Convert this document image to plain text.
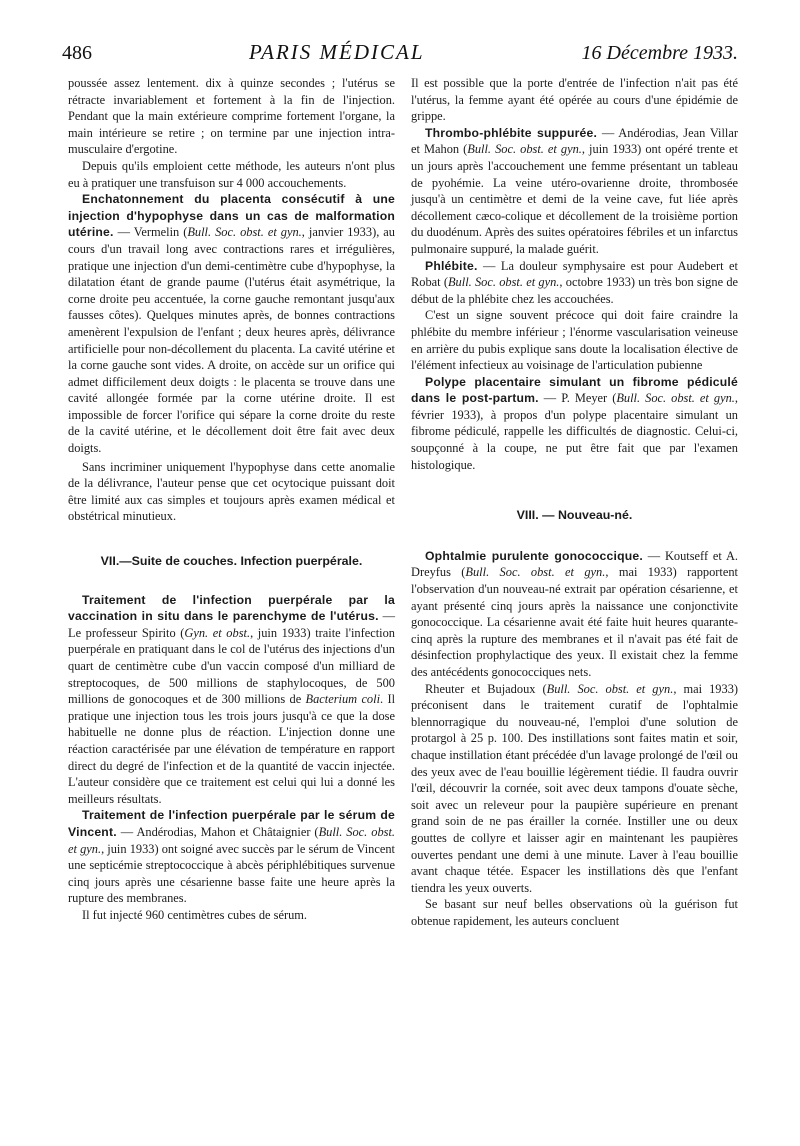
486	PARIS MÉDICAL	16 Décembre 1933.

poussée assez lentement. dix à quinze secondes ; l'utérus se rétracte invariablement et fortement à la fin de l'injection. Pendant que la main extérieure comprime fortement l'organe, la main intérieure se retire ; on termine par une injection intra-musculaire d'ergotine.

Depuis qu'ils emploient cette méthode, les auteurs n'ont plus eu à pratiquer une transfuison sur 4 000 accouchements.

Enchatonnement du placenta consécutif à une injection d'hypophyse dans un cas de malformation utérine. — Vermelin (Bull. Soc. obst. et gyn., janvier 1933), au cours d'un travail long avec contractions rares et irrégulières, pratique une injection d'un demi-centimètre cube d'hypophyse, la dilatation étant de grande paume (l'utérus était asymétrique, la corne droite peu accentuée, la corne gauche remontant jusqu'aux fausses côtes). Quelques minutes après, de bonnes contractions amenèrent l'expulsion de l'enfant ; deux heures après, délivrance artificielle pour non-décollement du placenta. La cavité utérine et la corne gauche sont vides. A droite, on accède sur un orifice qui admet difficilement deux doigts : le placenta se trouve dans une cavité allongée formée par la corne utérine droite. Il est impossible de forcer l'orifice qui sépare la corne droite du reste de la cavité utérine, et le décollement doit être fait avec deux doigts.

Sans incriminer uniquement l'hypophyse dans cette anomalie de la délivrance, l'auteur pense que cet ocytocique puissant doit être limité aux cas simples et toujours après examen médical et obstétrical minutieux.

VII.—Suite de couches. Infection puerpérale.

Traitement de l'infection puerpérale par la vaccination in situ dans le parenchyme de l'utérus. — Le professeur Spirito (Gyn. et obst., juin 1933) traite l'infection puerpérale en pratiquant dans le col de l'utérus des injections d'un quart de centimètre cube d'un vaccin composé d'un milliard de streptocoques, de 500 millions de staphylocoques, de 500 millions de gonocoques et de 300 millions de Bacterium coli. Il pratique une injection tous les trois jours jusqu'à ce que la dose habituelle ne donne plus de réaction. L'injection donne une réaction caractérisée par une élévation de température en rapport direct du degré de l'infection et de la quantité de vaccin injectée. L'auteur considère que ce traitement est celui qui lui a donné les meilleurs résultats.

Traitement de l'infection puerpérale par le sérum de Vincent. — Andérodias, Mahon et Châtaignier (Bull. Soc. obst. et gyn., juin 1933) ont soigné avec succès par le sérum de Vincent une septicémie streptococcique à abcès périphlébitiques survenue cinq jours après une césarienne basse faite une heure après la rupture des membranes.

Il fut injecté 960 centimètres cubes de sérum.

Il est possible que la porte d'entrée de l'infection n'ait pas été l'utérus, la femme ayant été opérée au cours d'une épidémie de grippe.

Thrombo-phlébite suppurée. — Andérodias, Jean Villar et Mahon (Bull. Soc. obst. et gyn., juin 1933) ont opéré trente et un jours après l'accouchement une femme présentant un tableau de pyohémie. La veine utéro-ovarienne droite, thrombosée jusqu'à un centimètre et demi de la veine cave, fut liée après décollement cæco-colique et décollement de la troisième portion du duodénum. Après des suites opératoires fébriles et un infarctus pulmonaire suppuré, la malade guérit.

Phlébite. — La douleur symphysaire est pour Audebert et Robat (Bull. Soc. obst. et gyn., octobre 1933) un très bon signe de début de la phlébite chez les accouchées.

C'est un signe souvent précoce qui doit faire craindre la phlébite du membre inférieur ; l'énorme vascularisation veineuse en arrière du pubis explique sans doute la localisation élective de l'élément infectieux au voisinage de l'articulation pubienne

Polype placentaire simulant un fibrome pédiculé dans le post-partum. — P. Meyer (Bull. Soc. obst. et gyn., février 1933), à propos d'un polype placentaire simulant un fibrome pédiculé, rappelle les difficultés de diagnostic. Celui-ci, soupçonné à la coupe, ne put être fait que par l'examen histologique.

VIII. — Nouveau-né.

Ophtalmie purulente gonococcique. — Koutseff et A. Dreyfus (Bull. Soc. obst. et gyn., mai 1933) rapportent l'observation d'un nouveau-né extrait par opération césarienne, et ayant présenté cinq jours après la naissance une conjonctivite gonococcique. La césarienne avait été faite huit heures quarante-cinq après la rupture des membranes et il n'avait pas été fait de désinfection prophylactique des yeux. Il existait chez la femme des antécédents gonococciques nets.

Rheuter et Bujadoux (Bull. Soc. obst. et gyn., mai 1933) préconisent dans le traitement curatif de l'ophtalmie blennorragique du nouveau-né, l'emploi d'une solution de protargol à 25 p. 100. Des instillations sont faites matin et soir, chaque instillation étant précédée d'un lavage prolongé de l'œil ou des yeux avec de l'eau bouillie légèrement tiédie. Il faudra ouvrir l'œil, découvrir la cornée, soit avec deux tampons d'ouate sèche, soit avec un releveur pour la paupière supérieure en prenant grand soin de ne pas érailler la cornée. Instiller une ou deux gouttes de collyre et laisser agir en maintenant les paupières ouvertes pendant une demi à une minute. Laver à l'eau bouillie avant chaque tétée. Espacer les instillations dès que l'enfant tiendra les yeux ouverts.

Se basant sur neuf belles observations où la guérison fut obtenue rapidement, les auteurs concluent
